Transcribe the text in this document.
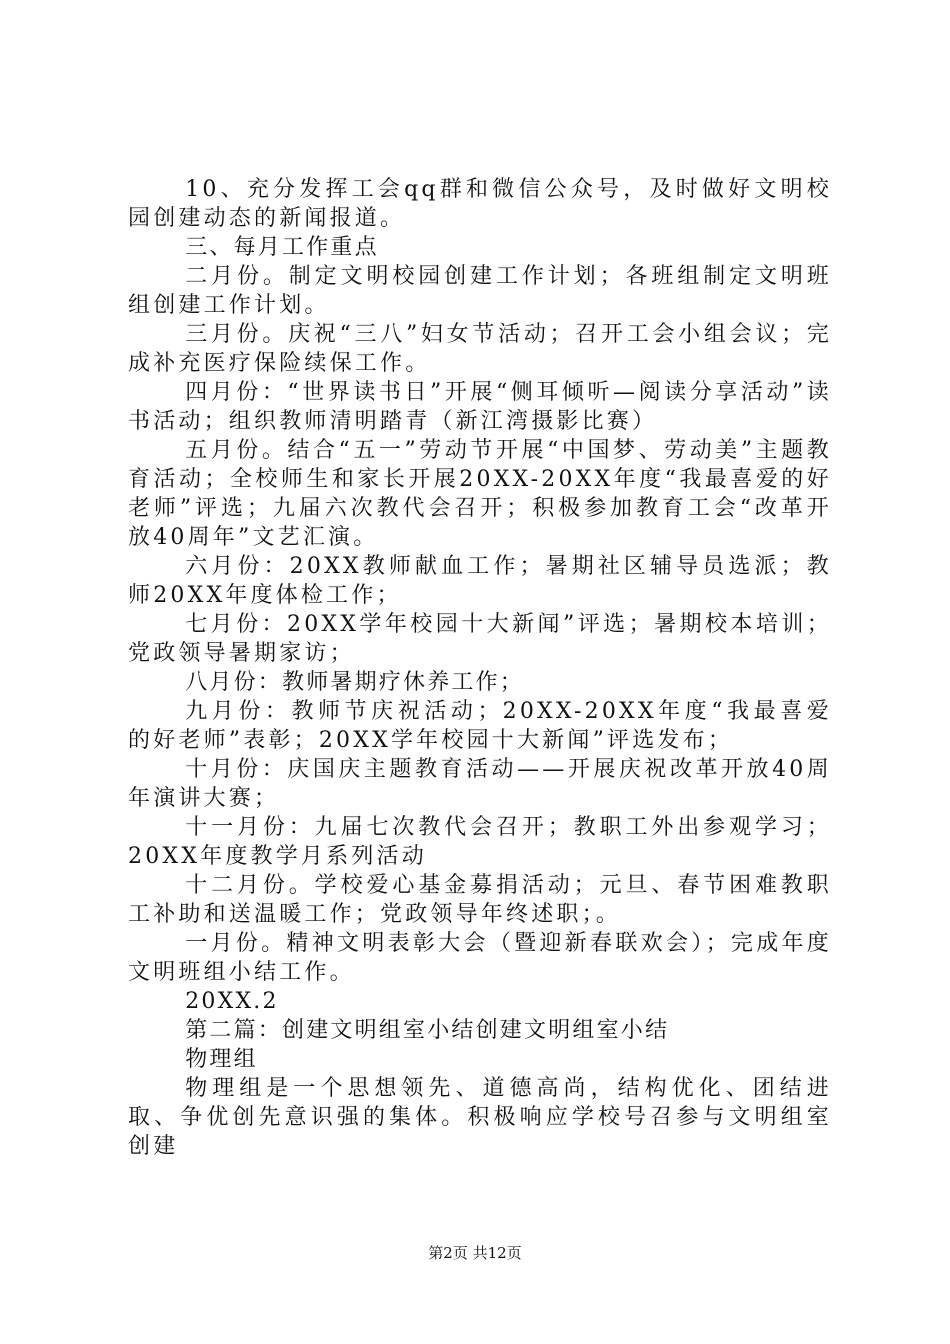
10、充分发挥工会qq群和微信公众号，及时做好文明校园创建动态的新闻报道。

三、每月工作重点

二月份。制定文明校园创建工作计划；各班组制定文明班组创建工作计划。

三月份。庆祝“三八”妇女节活动；召开工会小组会议；完成补充医疗保险续保工作。

四月份：“世界读书日”开展“侧耳倾听—阅读分享活动”读书活动；组织教师清明踏青（新江湾摄影比赛）

五月份。结合“五一”劳动节开展“中国梦、劳动美”主题教育活动；全校师生和家长开展20XX-20XX年度“我最喜爱的好老师”评选；九届六次教代会召开；积极参加教育工会“改革开放40周年”文艺汇演。

六月份：20XX教师献血工作；暑期社区辅导员选派；教师20XX年度体检工作；

七月份：20XX学年校园十大新闻”评选；暑期校本培训；党政领导暑期家访；

八月份：教师暑期疗休养工作；

九月份：教师节庆祝活动；20XX-20XX年度“我最喜爱的好老师”表彰；20XX学年校园十大新闻”评选发布；

十月份：庆国庆主题教育活动——开展庆祝改革开放40周年演讲大赛；

十一月份：九届七次教代会召开；教职工外出参观学习；20XX年度教学月系列活动

十二月份。学校爱心基金募捐活动；元旦、春节困难教职工补助和送温暖工作；党政领导年终述职；。

一月份。精神文明表彰大会（暨迎新春联欢会）；完成年度文明班组小结工作。

20XX.2

第二篇：创建文明组室小结创建文明组室小结

物理组

物理组是一个思想领先、道德高尚，结构优化、团结进取、争优创先意识强的集体。积极响应学校号召参与文明组室创建

第2页 共12页
